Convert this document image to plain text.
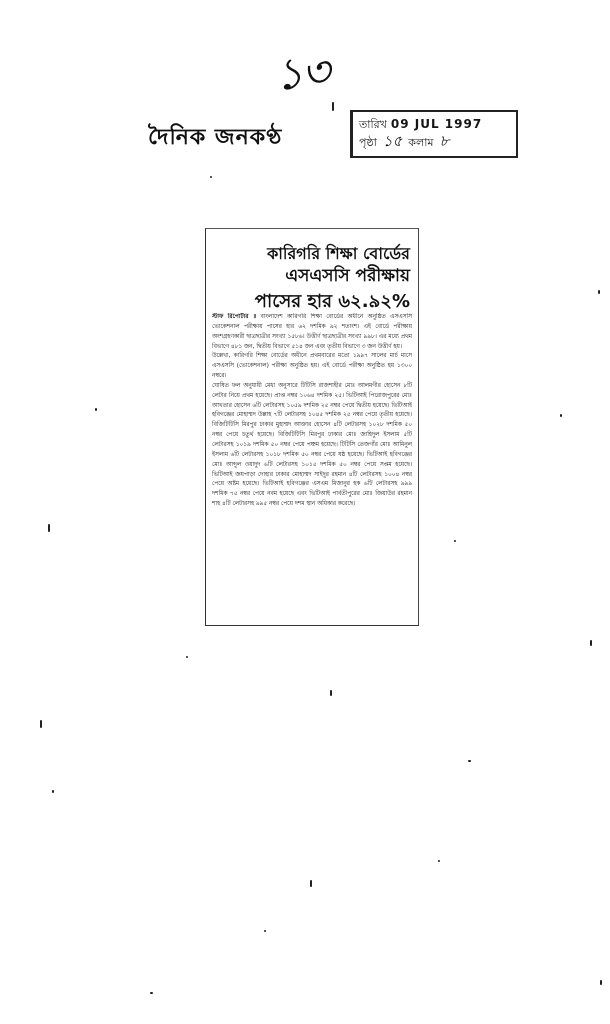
১৩
দৈনিক জনকণ্ঠ	তারিখ 09 JUL 1997
পৃষ্ঠা ১৫ কলাম ৮
কারিগরি শিক্ষা বোর্ডের
এসএসসি পরীক্ষায়
পাসের হার ৬২.৯২%

স্টাফ রিপোর্টার ॥ বাংলাদেশ কারিগরি শিক্ষা বোর্ডের অধীনে অনুষ্ঠিত এসএসসি ভোকেশনাল পরীক্ষায় পাসের হার ৬২ দশমিক ৯২ শতাংশ। এই বোর্ডে পরীক্ষায় অংশগ্রহণকারী ছাত্রছাত্রীর সংখ্যা ১৫৮৬। উত্তীর্ণ ছাত্রছাত্রীর সংখ্যা ৯৯৮। এর মধ্যে প্রথম বিভাগে ৪৮১ জন, দ্বিতীয় বিভাগে ৫১৪ জন এবং তৃতীয় বিভাগে ৩ জন উত্তীর্ণ হয়।

উল্লেখ্য, কারিগরি শিক্ষা বোর্ডের অধীনে প্রথমবারের মতো ১৯৯৭ সালের মার্চ মাসে এসএসসি (ভোকেশনাল) পরীক্ষা অনুষ্ঠিত হয়। এই বোর্ডে পরীক্ষা অনুষ্ঠিত হয় ১৩০০ নম্বরে।

ঘোষিত ফল অনুযায়ী মেধা অনুসারে টিটিসি রাজশাহীর মোঃ আলমগীর হোসেন ৮টি লেটার নিয়ে প্রথম হয়েছে। প্রাপ্ত নম্বর ১০৬৪ দশমিক ২৫। ভিটিআই পিরোজপুরের মোঃ আখতার হোসেন ৬টি লেটারসহ ১০৫৯ দশমিক ২৫ নম্বর পেয়ে দ্বিতীয় হয়েছে। ভিটিআই হবিগঞ্জের মোহাম্মদ উল্লাহ ৭টি লেটারসহ ১০৪৫ দশমিক ২৫ নম্বর পেয়ে তৃতীয় হয়েছে। বিজিটিটিসি মিরপুর ঢাকার মুহাম্মদ আক্তার হোসেন ৪টি লেটারসহ ১০২৮ দশমিক ৫০ নম্বর পেয়ে চতুর্থ হয়েছে। বিজিটিটিসি মিরপুর ঢাকার মোঃ জাহিদুল ইসলাম ৫টি লেটারসহ ১০১৯ দশমিক ৫০ নম্বর পেয়ে পঞ্চম হয়েছে। টিটিসি তেজগাঁর মোঃ আমিনুল ইসলাম ৬টি লেটারসহ ১০১৮ দশমিক ৫০ নম্বর পেয়ে ষষ্ঠ হয়েছে। ভিটিআই হবিগঞ্জের মোঃ আব্দুল ওয়াদুদ ৬টি লেটারসহ ১০১৫ দশমিক ৫০ নম্বর পেয়ে সপ্তম হয়েছে। ভিটিআই জয়পাড়া দোহার ঢাকার মোহাম্মদ সাইদুর রহমান ৪টি লেটারসহ ১০০৪ নম্বর পেয়ে অষ্টম হয়েছে। ভিটিআই হবিগঞ্জের এসএম মিজানুর হক ৬টি লেটারসহ ৯৯৯ দশমিক ৭৫ নম্বর পেয়ে নবম হয়েছে এবং ভিটিআই পার্বতীপুরের মোঃ জিয়াউর রহমান শাহ ৪টি লেটারসহ ৯৯৫ নম্বর পেয়ে দশম স্থান অধিকার করেছে।
